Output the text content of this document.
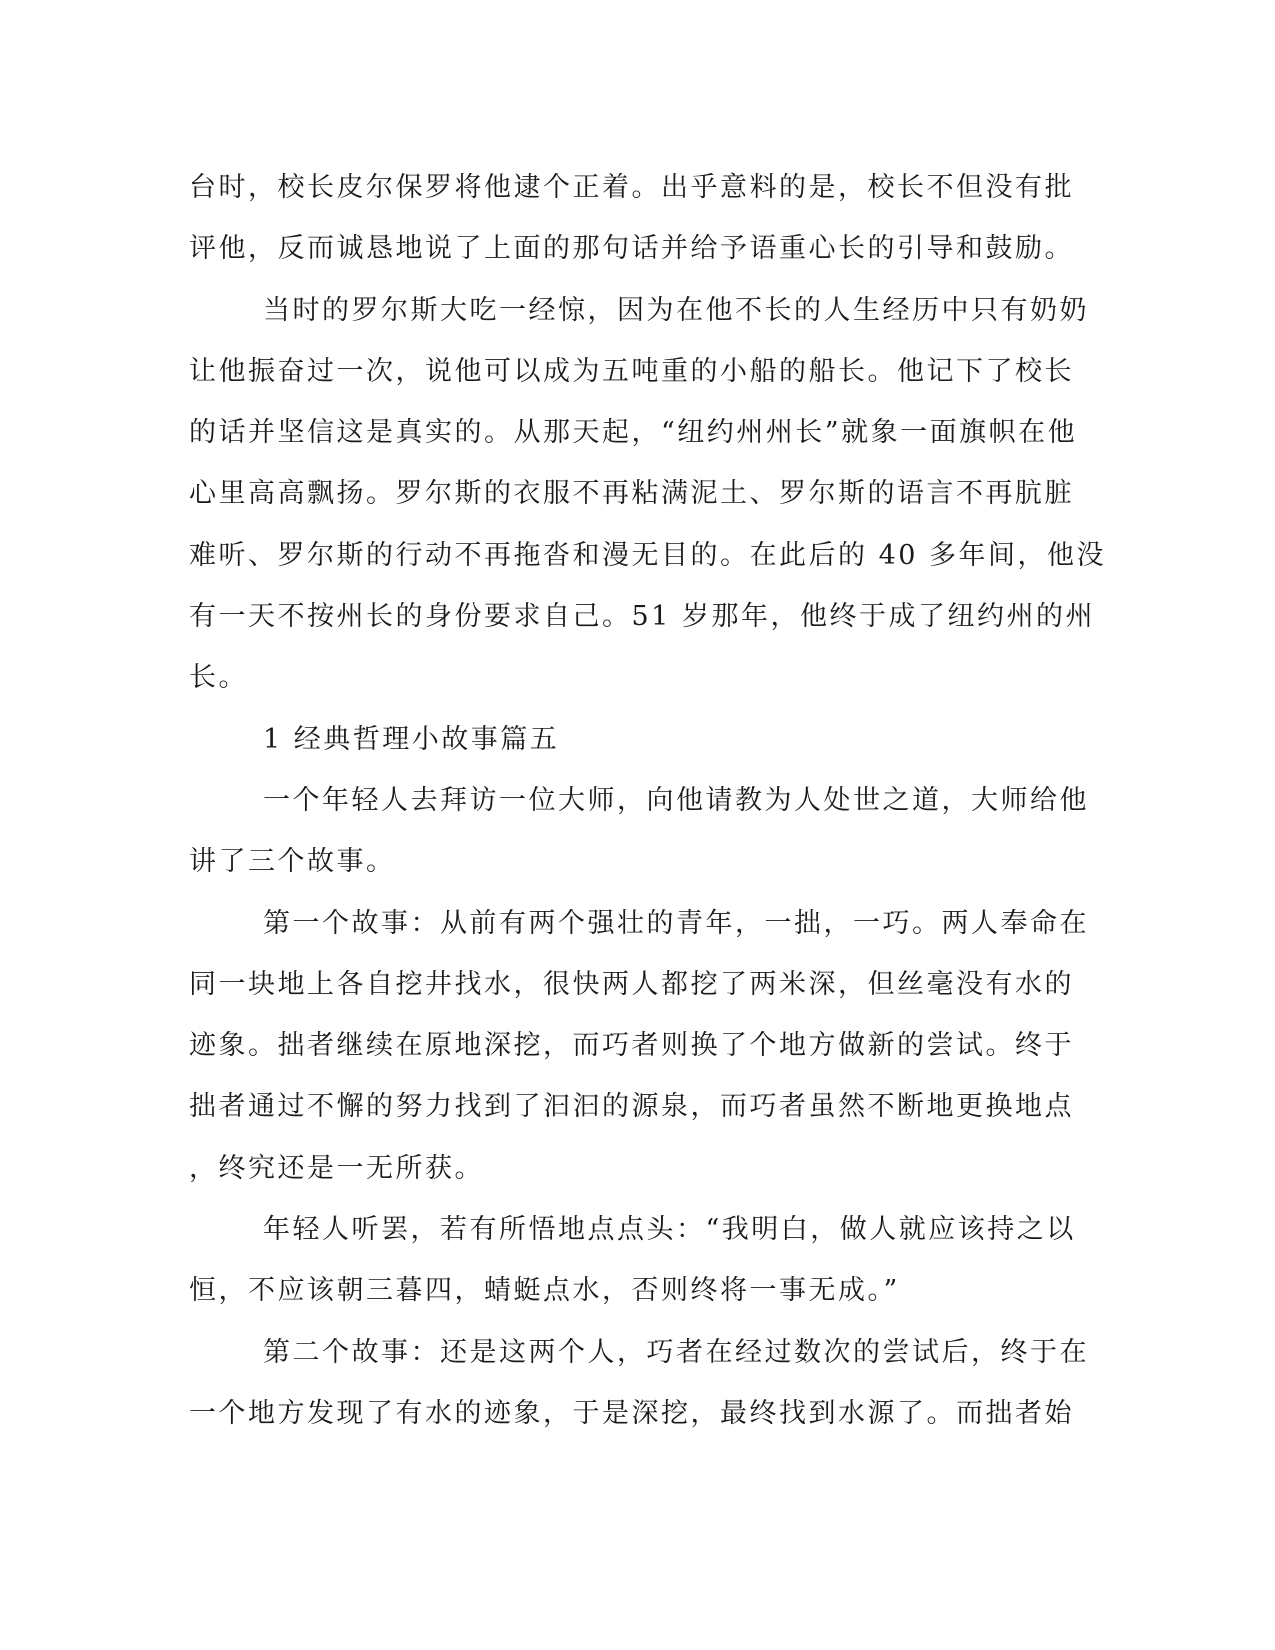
台时，校长皮尔保罗将他逮个正着。出乎意料的是，校长不但没有批
评他，反而诚恳地说了上面的那句话并给予语重心长的引导和鼓励。
当时的罗尔斯大吃一经惊，因为在他不长的人生经历中只有奶奶
让他振奋过一次，说他可以成为五吨重的小船的船长。他记下了校长
的话并坚信这是真实的。从那天起，“纽约州州长”就象一面旗帜在他
心里高高飘扬。罗尔斯的衣服不再粘满泥土、罗尔斯的语言不再肮脏
难听、罗尔斯的行动不再拖沓和漫无目的。在此后的 40 多年间，他没
有一天不按州长的身份要求自己。51 岁那年，他终于成了纽约州的州
长。
1 经典哲理小故事篇五
一个年轻人去拜访一位大师，向他请教为人处世之道，大师给他
讲了三个故事。
第一个故事：从前有两个强壮的青年，一拙，一巧。两人奉命在
同一块地上各自挖井找水，很快两人都挖了两米深，但丝毫没有水的
迹象。拙者继续在原地深挖，而巧者则换了个地方做新的尝试。终于
拙者通过不懈的努力找到了汩汩的源泉，而巧者虽然不断地更换地点
，终究还是一无所获。
年轻人听罢，若有所悟地点点头：“我明白，做人就应该持之以
恒，不应该朝三暮四，蜻蜓点水，否则终将一事无成。”
第二个故事：还是这两个人，巧者在经过数次的尝试后，终于在
一个地方发现了有水的迹象，于是深挖，最终找到水源了。而拙者始
